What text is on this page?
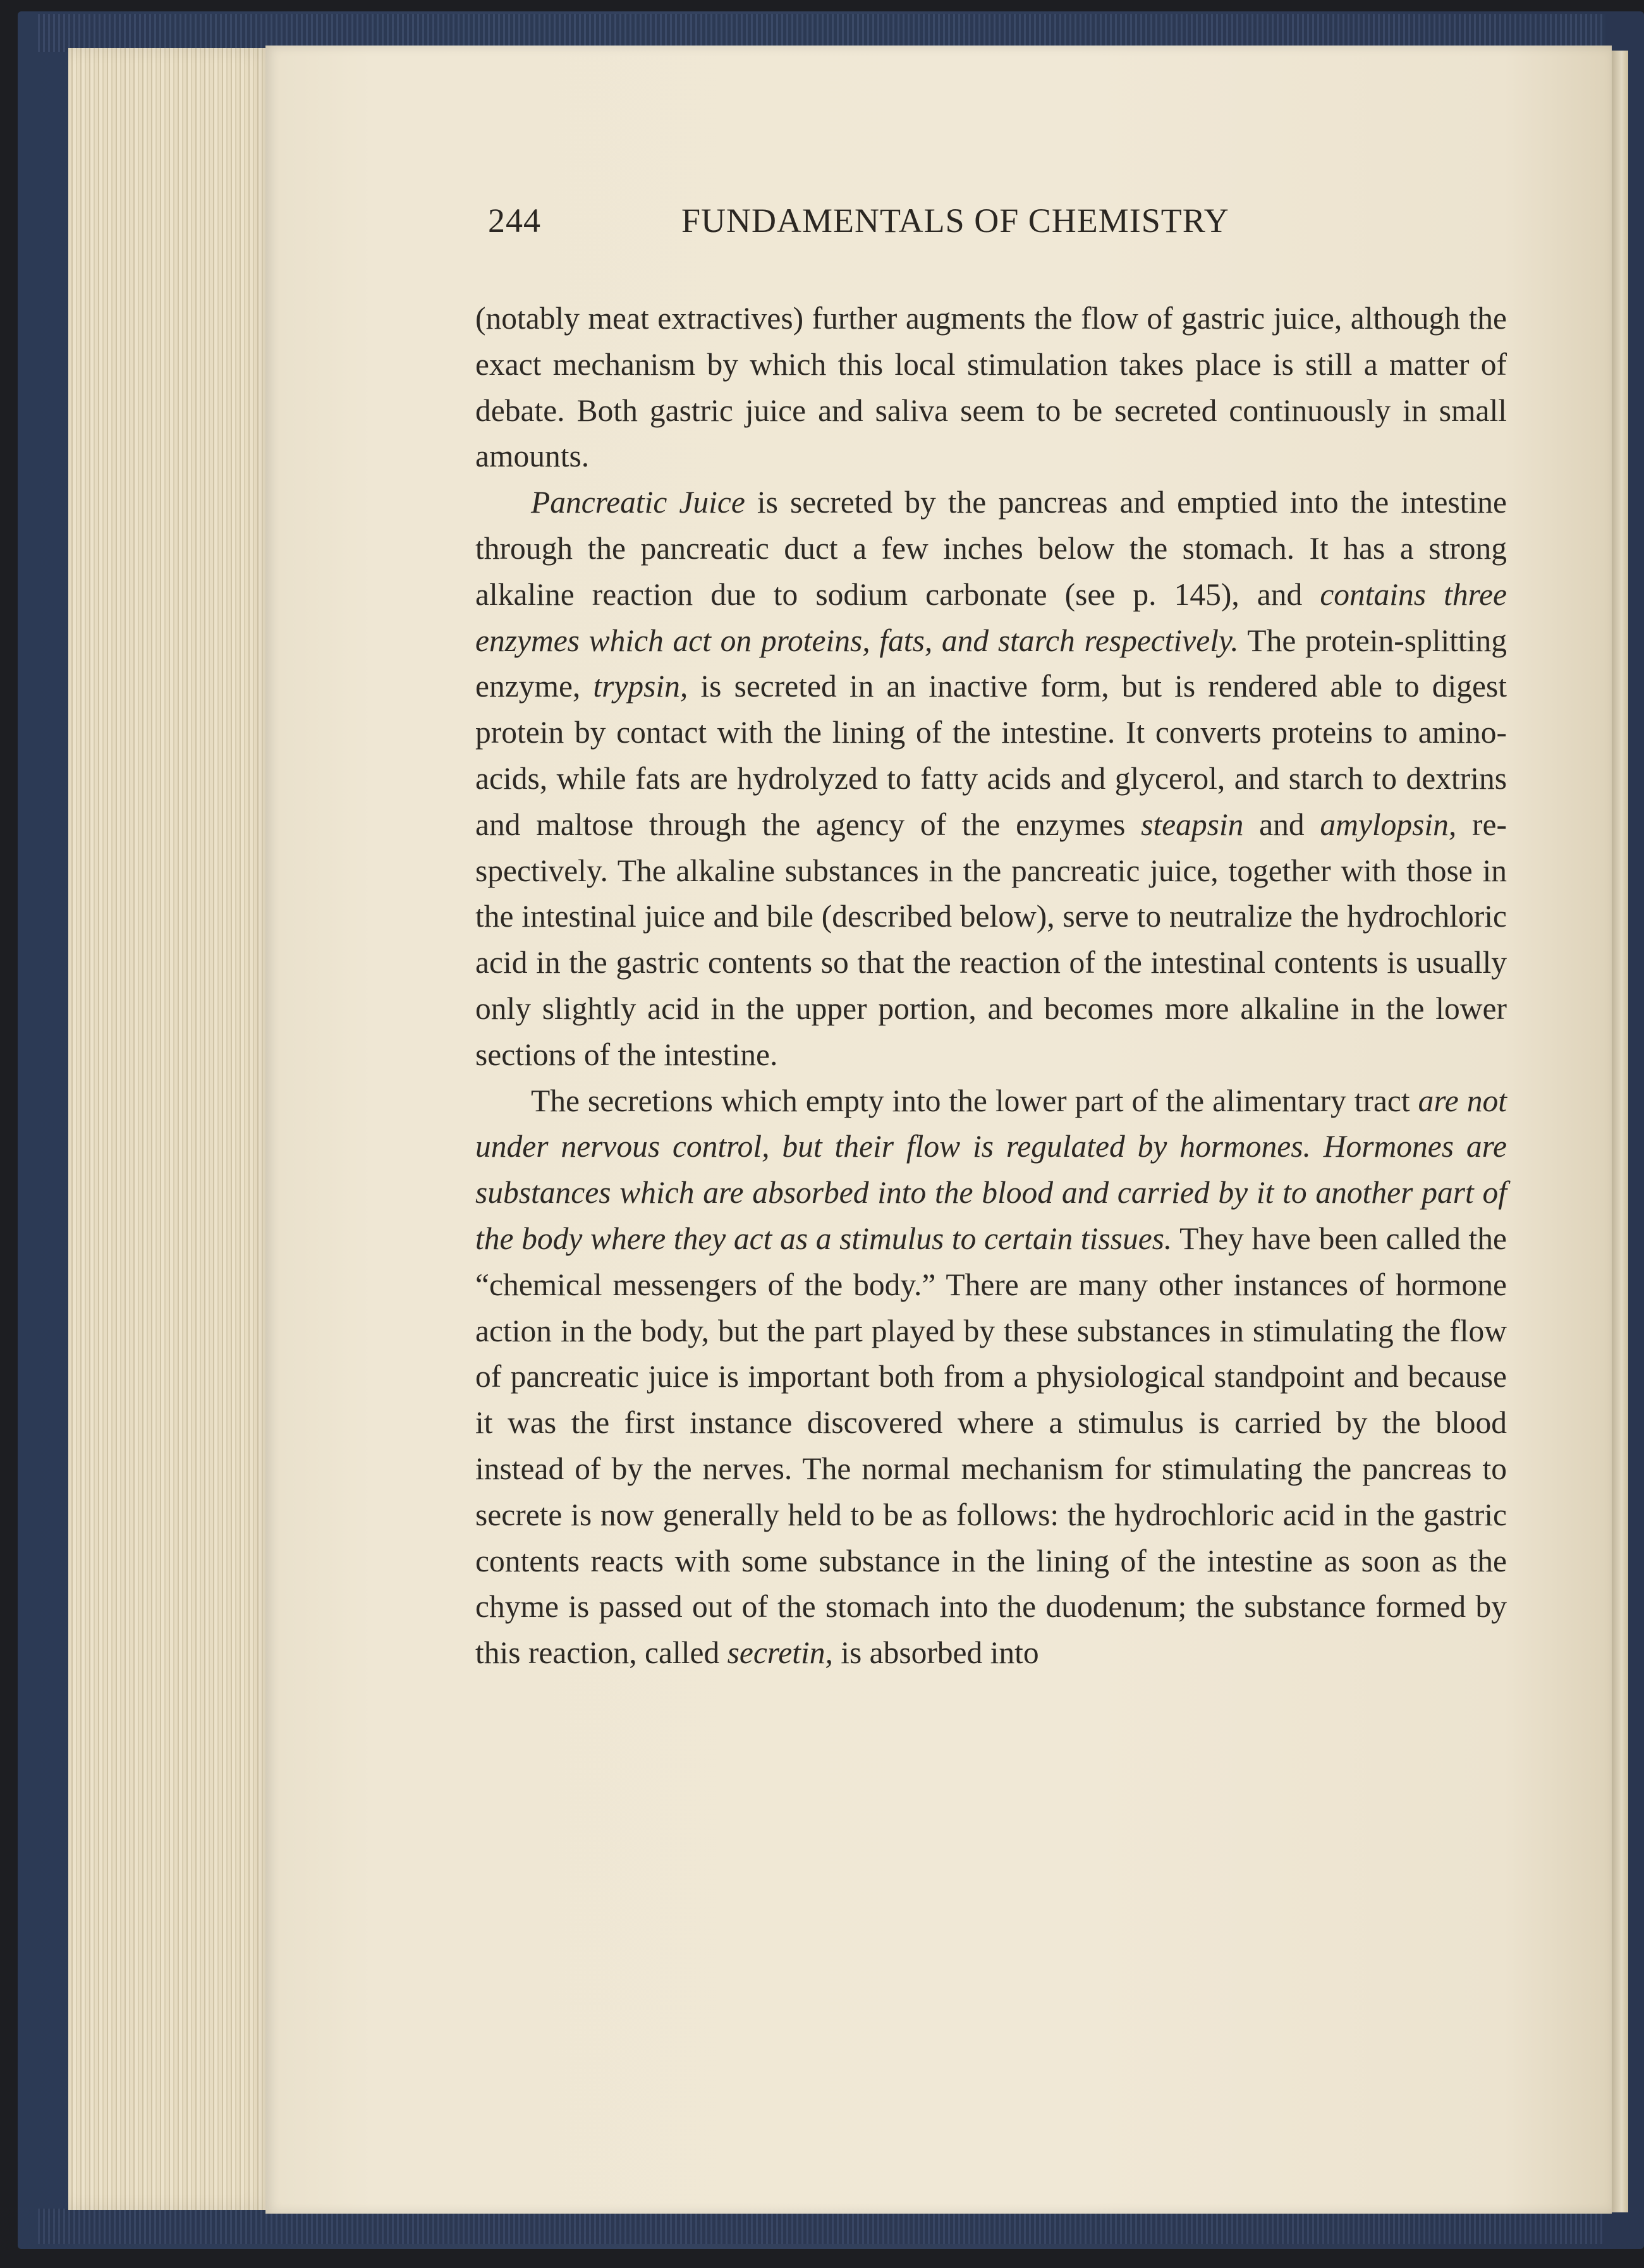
244	FUNDAMENTALS OF CHEMISTRY

(notably meat extractives) further augments the flow of gastric juice, although the exact mechanism by which this local stimulation takes place is still a matter of debate. Both gastric juice and saliva seem to be secreted continuously in small amounts.

Pancreatic Juice is secreted by the pancreas and emptied into the intestine through the pancreatic duct a few inches below the stomach. It has a strong alkaline reaction due to sodium carbonate (see p. 145), and contains three enzymes which act on proteins, fats, and starch respectively. The protein-splitting enzyme, trypsin, is secreted in an inactive form, but is rendered able to digest protein by contact with the lining of the intestine. It converts proteins to amino-acids, while fats are hydrolyzed to fatty acids and glycerol, and starch to dextrins and maltose through the agency of the enzymes steapsin and amylopsin, respectively. The alkaline substances in the pancreatic juice, together with those in the intestinal juice and bile (described below), serve to neutralize the hydrochloric acid in the gastric contents so that the reaction of the intestinal contents is usually only slightly acid in the upper portion, and becomes more alkaline in the lower sections of the intestine.

The secretions which empty into the lower part of the alimentary tract are not under nervous control, but their flow is regulated by hormones. Hormones are substances which are absorbed into the blood and carried by it to another part of the body where they act as a stimulus to certain tissues. They have been called the “chemical messengers of the body.” There are many other instances of hormone action in the body, but the part played by these substances in stimulating the flow of pancreatic juice is important both from a physiological standpoint and because it was the first instance discovered where a stimulus is carried by the blood instead of by the nerves. The normal mechanism for stimulating the pancreas to secrete is now generally held to be as follows: the hydrochloric acid in the gastric contents reacts with some substance in the lining of the intestine as soon as the chyme is passed out of the stomach into the duodenum; the substance formed by this reaction, called secretin, is absorbed into
